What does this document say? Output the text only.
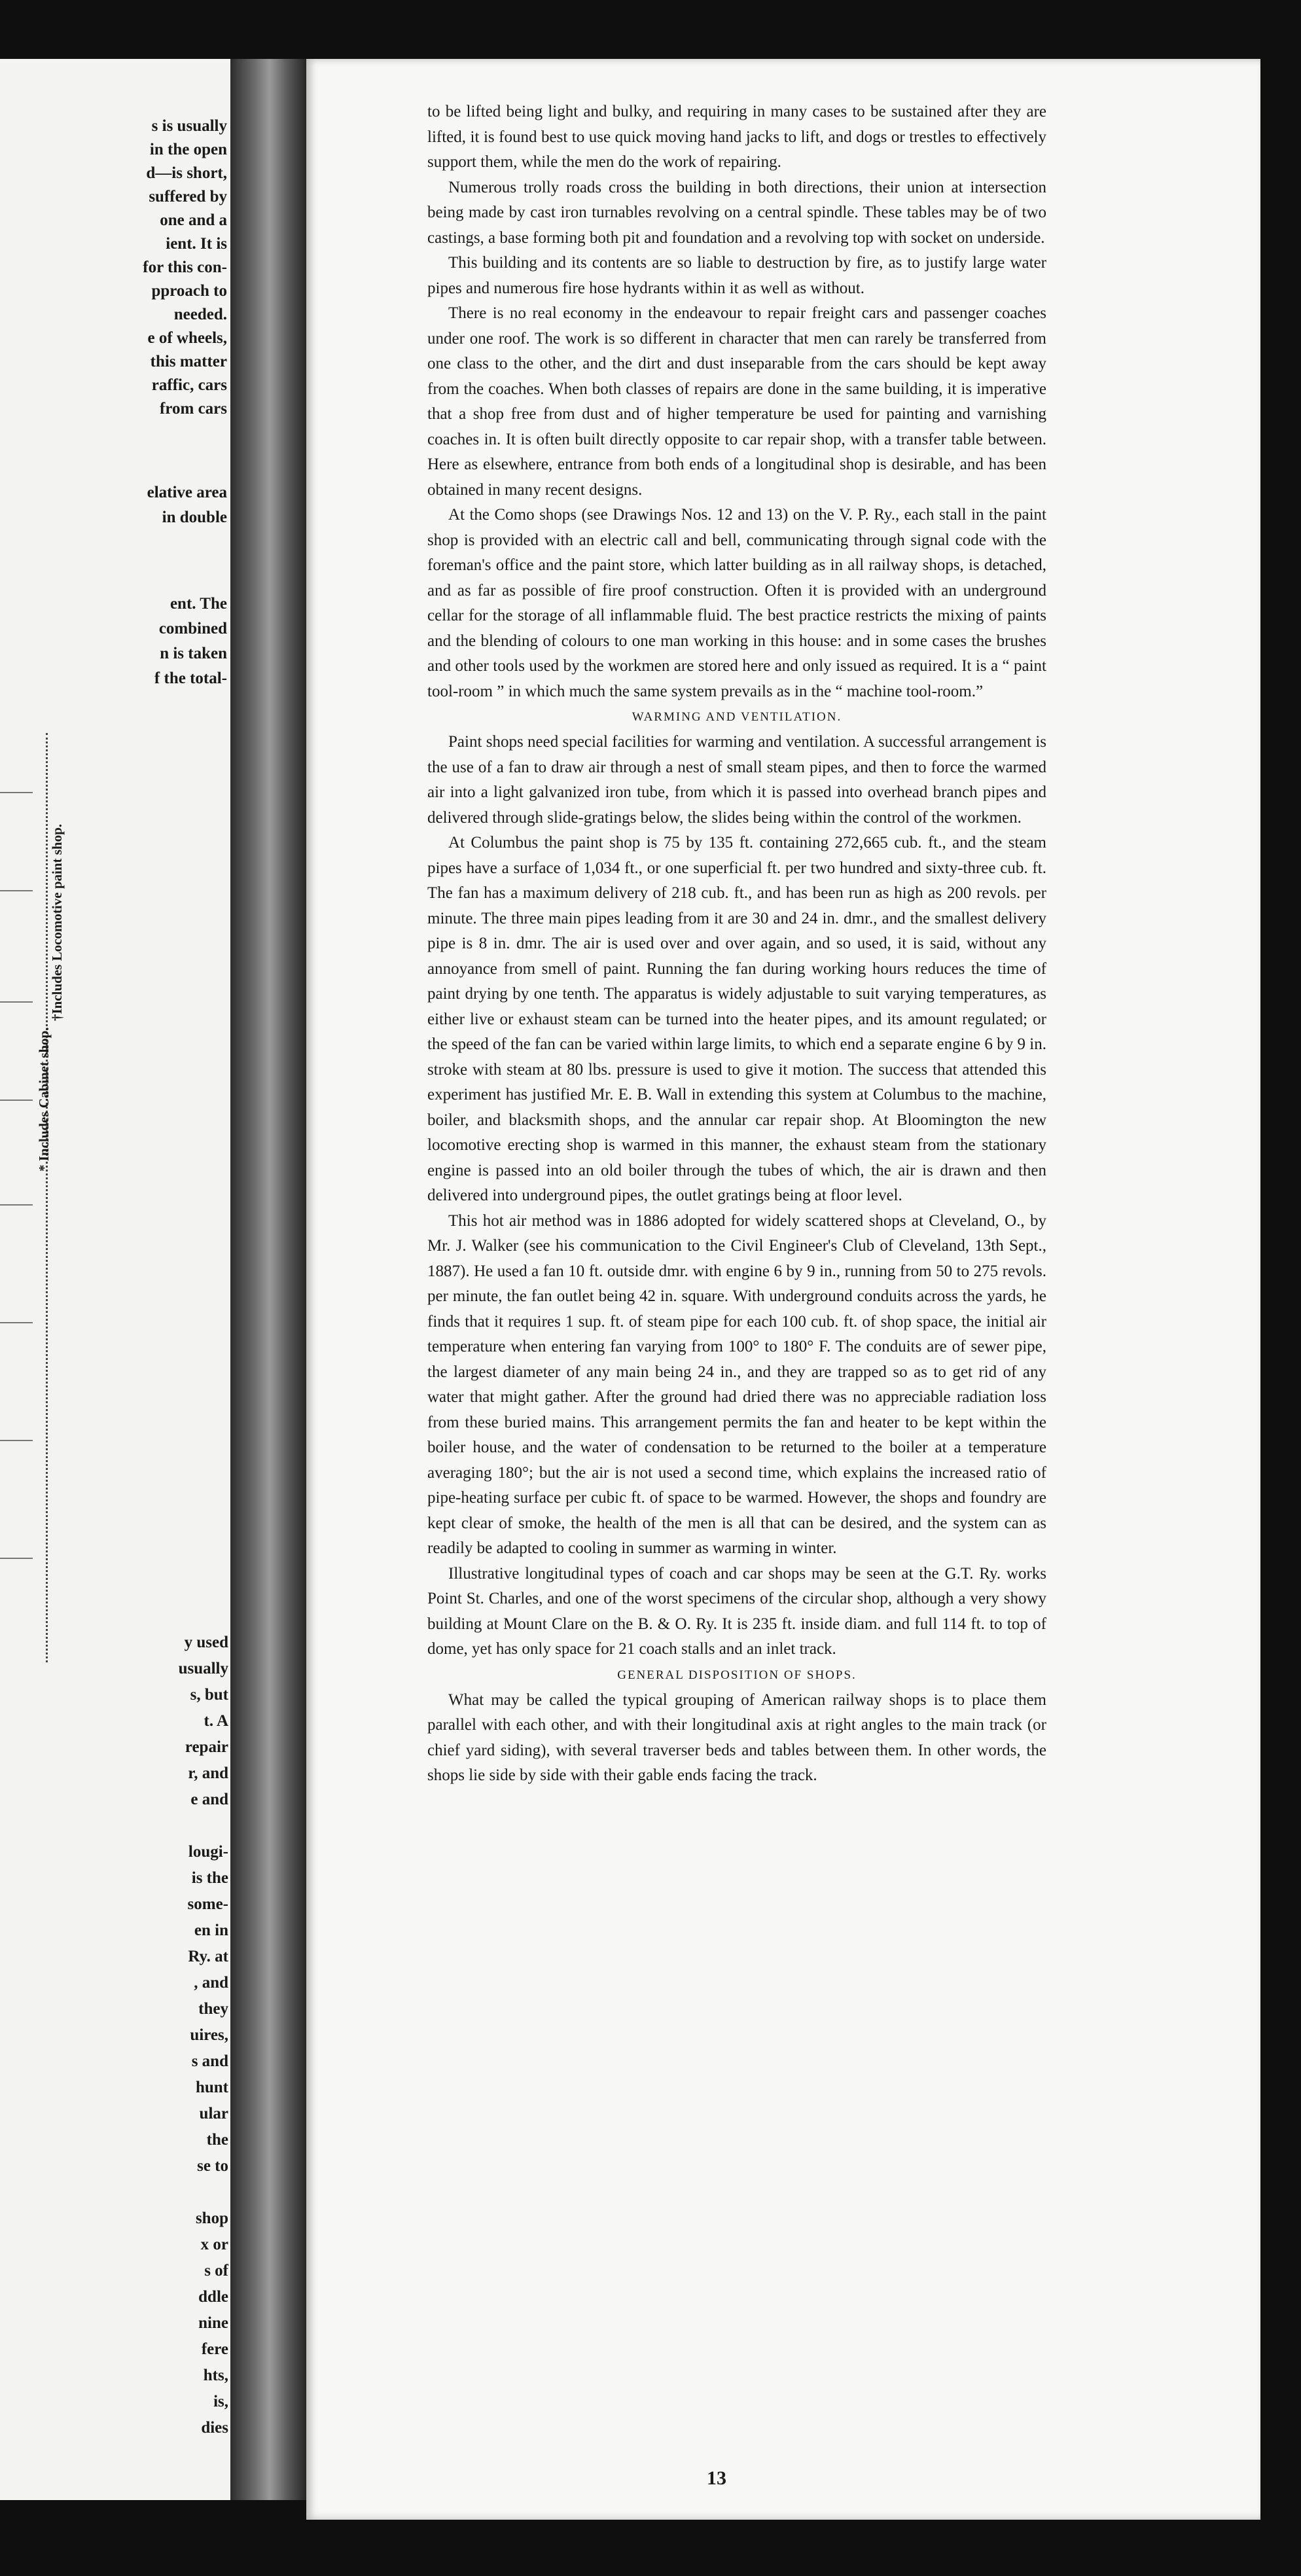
s is usually
in the open
d—is short,
suffered by
one and a
ient. It is
for this con-
pproach to
needed.
e of wheels,
this matter
raffic, cars
from cars
elative area
in double
ent. The
combined
n is taken
f the total-
* Includes Cabinet shop.
†Includes Locomotive paint shop.
y used
usually
s, but
t. A
repair
r, and
e and
lougi-
is the
some-
en in
Ry. at
, and
they
uires,
s and
hunt
ular
the
se to
shop
x or
s of
ddle
nine
fere
hts,
is,
dies

to be lifted being light and bulky, and requiring in many cases to be sustained after they are lifted, it is found best to use quick moving hand jacks to lift, and dogs or trestles to effectively support them, while the men do the work of repairing.

Numerous trolly roads cross the building in both directions, their union at intersection being made by cast iron turnables revolving on a central spindle. These tables may be of two castings, a base forming both pit and foundation and a revolving top with socket on underside.

This building and its contents are so liable to destruction by fire, as to justify large water pipes and numerous fire hose hydrants within it as well as without.

There is no real economy in the endeavour to repair freight cars and passenger coaches under one roof. The work is so different in character that men can rarely be transferred from one class to the other, and the dirt and dust inseparable from the cars should be kept away from the coaches. When both classes of repairs are done in the same building, it is imperative that a shop free from dust and of higher temperature be used for painting and varnishing coaches in. It is often built directly opposite to car repair shop, with a transfer table between. Here as elsewhere, entrance from both ends of a longitudinal shop is desirable, and has been obtained in many recent designs.

At the Como shops (see Drawings Nos. 12 and 13) on the V. P. Ry., each stall in the paint shop is provided with an electric call and bell, communicating through signal code with the foreman's office and the paint store, which latter building as in all railway shops, is detached, and as far as possible of fire proof construction. Often it is provided with an underground cellar for the storage of all inflammable fluid. The best practice restricts the mixing of paints and the blending of colours to one man working in this house: and in some cases the brushes and other tools used by the workmen are stored here and only issued as required. It is a “ paint tool-room ” in which much the same system prevails as in the “ machine tool-room.”

WARMING AND VENTILATION.

Paint shops need special facilities for warming and ventilation. A successful arrangement is the use of a fan to draw air through a nest of small steam pipes, and then to force the warmed air into a light galvanized iron tube, from which it is passed into overhead branch pipes and delivered through slide-gratings below, the slides being within the control of the workmen.

At Columbus the paint shop is 75 by 135 ft. containing 272,665 cub. ft., and the steam pipes have a surface of 1,034 ft., or one superficial ft. per two hundred and sixty-three cub. ft. The fan has a maximum delivery of 218 cub. ft., and has been run as high as 200 revols. per minute. The three main pipes leading from it are 30 and 24 in. dmr., and the smallest delivery pipe is 8 in. dmr. The air is used over and over again, and so used, it is said, without any annoyance from smell of paint. Running the fan during working hours reduces the time of paint drying by one tenth. The apparatus is widely adjustable to suit varying temperatures, as either live or exhaust steam can be turned into the heater pipes, and its amount regulated; or the speed of the fan can be varied within large limits, to which end a separate engine 6 by 9 in. stroke with steam at 80 lbs. pressure is used to give it motion. The success that attended this experiment has justified Mr. E. B. Wall in extending this system at Columbus to the machine, boiler, and blacksmith shops, and the annular car repair shop. At Bloomington the new locomotive erecting shop is warmed in this manner, the exhaust steam from the stationary engine is passed into an old boiler through the tubes of which, the air is drawn and then delivered into underground pipes, the outlet gratings being at floor level.

This hot air method was in 1886 adopted for widely scattered shops at Cleveland, O., by Mr. J. Walker (see his communication to the Civil Engineer's Club of Cleveland, 13th Sept., 1887). He used a fan 10 ft. outside dmr. with engine 6 by 9 in., running from 50 to 275 revols. per minute, the fan outlet being 42 in. square. With underground conduits across the yards, he finds that it requires 1 sup. ft. of steam pipe for each 100 cub. ft. of shop space, the initial air temperature when entering fan varying from 100° to 180° F. The conduits are of sewer pipe, the largest diameter of any main being 24 in., and they are trapped so as to get rid of any water that might gather. After the ground had dried there was no appreciable radiation loss from these buried mains. This arrangement permits the fan and heater to be kept within the boiler house, and the water of condensation to be returned to the boiler at a temperature averaging 180°; but the air is not used a second time, which explains the increased ratio of pipe-heating surface per cubic ft. of space to be warmed. However, the shops and foundry are kept clear of smoke, the health of the men is all that can be desired, and the system can as readily be adapted to cooling in summer as warming in winter.

Illustrative longitudinal types of coach and car shops may be seen at the G.T. Ry. works Point St. Charles, and one of the worst specimens of the circular shop, although a very showy building at Mount Clare on the B. & O. Ry. It is 235 ft. inside diam. and full 114 ft. to top of dome, yet has only space for 21 coach stalls and an inlet track.

GENERAL DISPOSITION OF SHOPS.

What may be called the typical grouping of American railway shops is to place them parallel with each other, and with their longitudinal axis at right angles to the main track (or chief yard siding), with several traverser beds and tables between them. In other words, the shops lie side by side with their gable ends facing the track.

13
